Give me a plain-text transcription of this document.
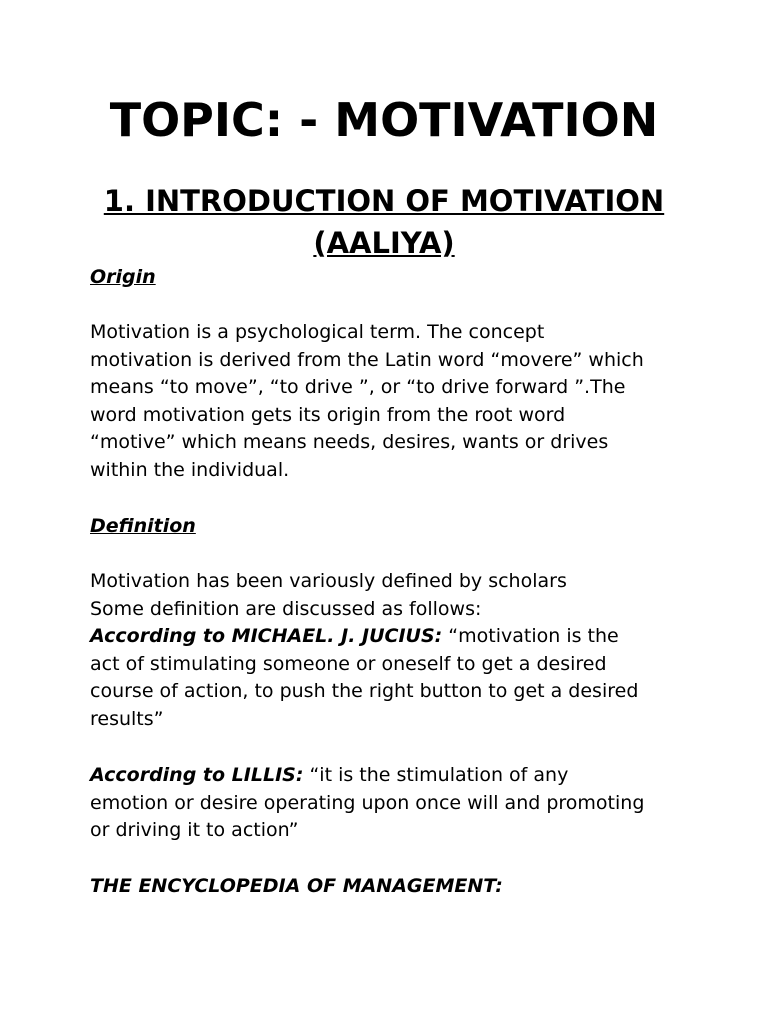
TOPIC: - MOTIVATION
1. INTRODUCTION OF MOTIVATION
(AALIYA)
Origin

Motivation is a psychological term. The concept
motivation is derived from the Latin word “movere” which
means “to move”, “to drive ”, or “to drive forward ”.The
word motivation gets its origin from the root word
“motive” which means needs, desires, wants or drives
within the individual.

Definition

Motivation has been variously defined by scholars
Some definition are discussed as follows:
According to MICHAEL. J. JUCIUS: “motivation is the
act of stimulating someone or oneself to get a desired
course of action, to push the right button to get a desired
results”

According to LILLIS: “it is the stimulation of any
emotion or desire operating upon once will and promoting
or driving it to action”

THE ENCYCLOPEDIA OF MANAGEMENT:
